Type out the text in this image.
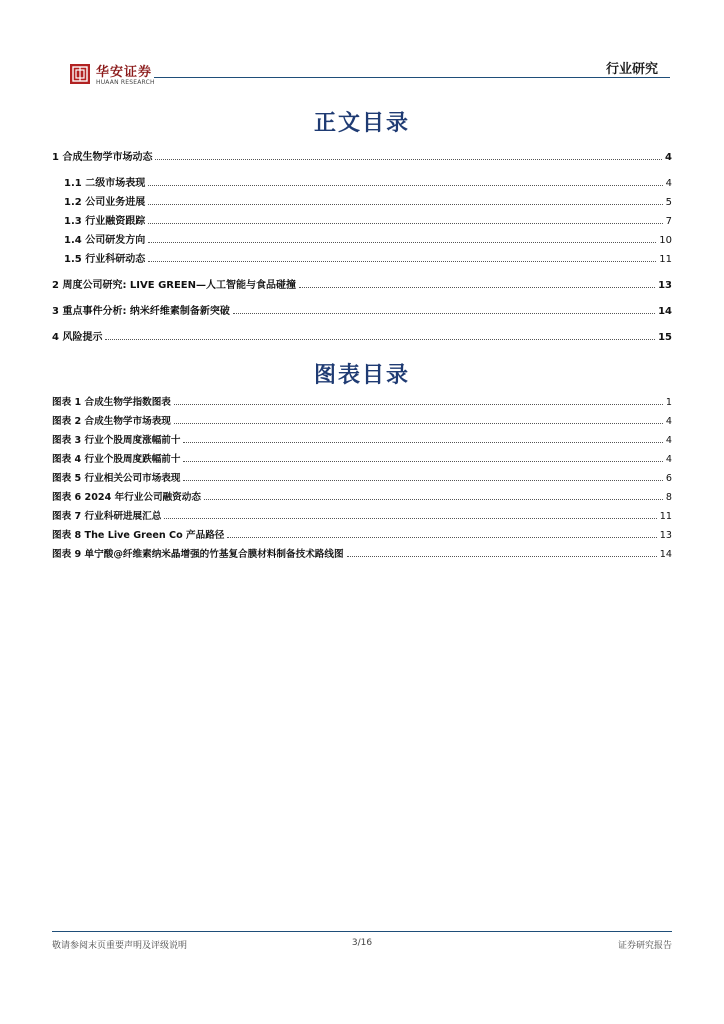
华安证券
HUAAN RESEARCH
行业研究
正文目录
1 合成生物学市场动态	4
1.1 二级市场表现	4
1.2 公司业务进展	5
1.3 行业融资跟踪	7
1.4 公司研发方向	10
1.5 行业科研动态	11
2 周度公司研究: LIVE GREEN—人工智能与食品碰撞	13
3 重点事件分析: 纳米纤维素制备新突破	14
4 风险提示	15
图表目录
图表 1 合成生物学指数图表	1
图表 2 合成生物学市场表现	4
图表 3 行业个股周度涨幅前十	4
图表 4 行业个股周度跌幅前十	4
图表 5 行业相关公司市场表现	6
图表 6 2024 年行业公司融资动态	8
图表 7 行业科研进展汇总	11
图表 8 The Live Green Co 产品路径	13
图表 9 单宁酸@纤维素纳米晶增强的竹基复合膜材料制备技术路线图	14
敬请参阅末页重要声明及评级说明	3/16	证券研究报告
